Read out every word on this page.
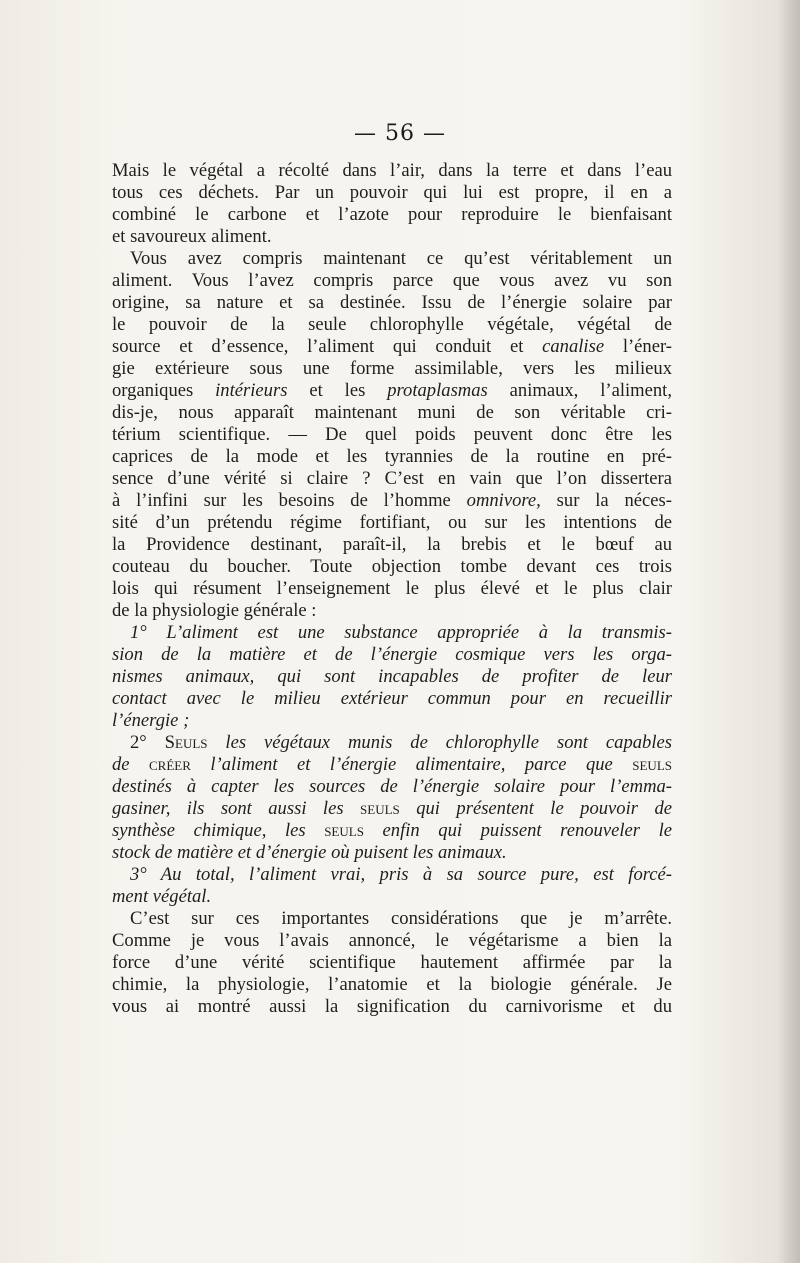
— 56 —
Mais le végétal a récolté dans l’air, dans la terre et dans l’eau
tous ces déchets. Par un pouvoir qui lui est propre, il en a
combiné le carbone et l’azote pour reproduire le bienfaisant
et savoureux aliment.
Vous avez compris maintenant ce qu’est véritablement un
aliment. Vous l’avez compris parce que vous avez vu son
origine, sa nature et sa destinée. Issu de l’énergie solaire par
le pouvoir de la seule chlorophylle végétale, végétal de
source et d’essence, l’aliment qui conduit et canalise l’éner-
gie extérieure sous une forme assimilable, vers les milieux
organiques intérieurs et les protaplasmas animaux, l’aliment,
dis-je, nous apparaît maintenant muni de son véritable cri-
térium scientifique. — De quel poids peuvent donc être les
caprices de la mode et les tyrannies de la routine en pré-
sence d’une vérité si claire ? C’est en vain que l’on dissertera
à l’infini sur les besoins de l’homme omnivore, sur la néces-
sité d’un prétendu régime fortifiant, ou sur les intentions de
la Providence destinant, paraît-il, la brebis et le bœuf au
couteau du boucher. Toute objection tombe devant ces trois
lois qui résument l’enseignement le plus élevé et le plus clair
de la physiologie générale :
1° L’aliment est une substance appropriée à la transmis-
sion de la matière et de l’énergie cosmique vers les orga-
nismes animaux, qui sont incapables de profiter de leur
contact avec le milieu extérieur commun pour en recueillir
l’énergie ;
2° Seuls les végétaux munis de chlorophylle sont capables
de créer l’aliment et l’énergie alimentaire, parce que seuls
destinés à capter les sources de l’énergie solaire pour l’emma-
gasiner, ils sont aussi les seuls qui présentent le pouvoir de
synthèse chimique, les seuls enfin qui puissent renouveler le
stock de matière et d’énergie où puisent les animaux.
3° Au total, l’aliment vrai, pris à sa source pure, est forcé-
ment végétal.
C’est sur ces importantes considérations que je m’arrête.
Comme je vous l’avais annoncé, le végétarisme a bien la
force d’une vérité scientifique hautement affirmée par la
chimie, la physiologie, l’anatomie et la biologie générale. Je
vous ai montré aussi la signification du carnivorisme et du
